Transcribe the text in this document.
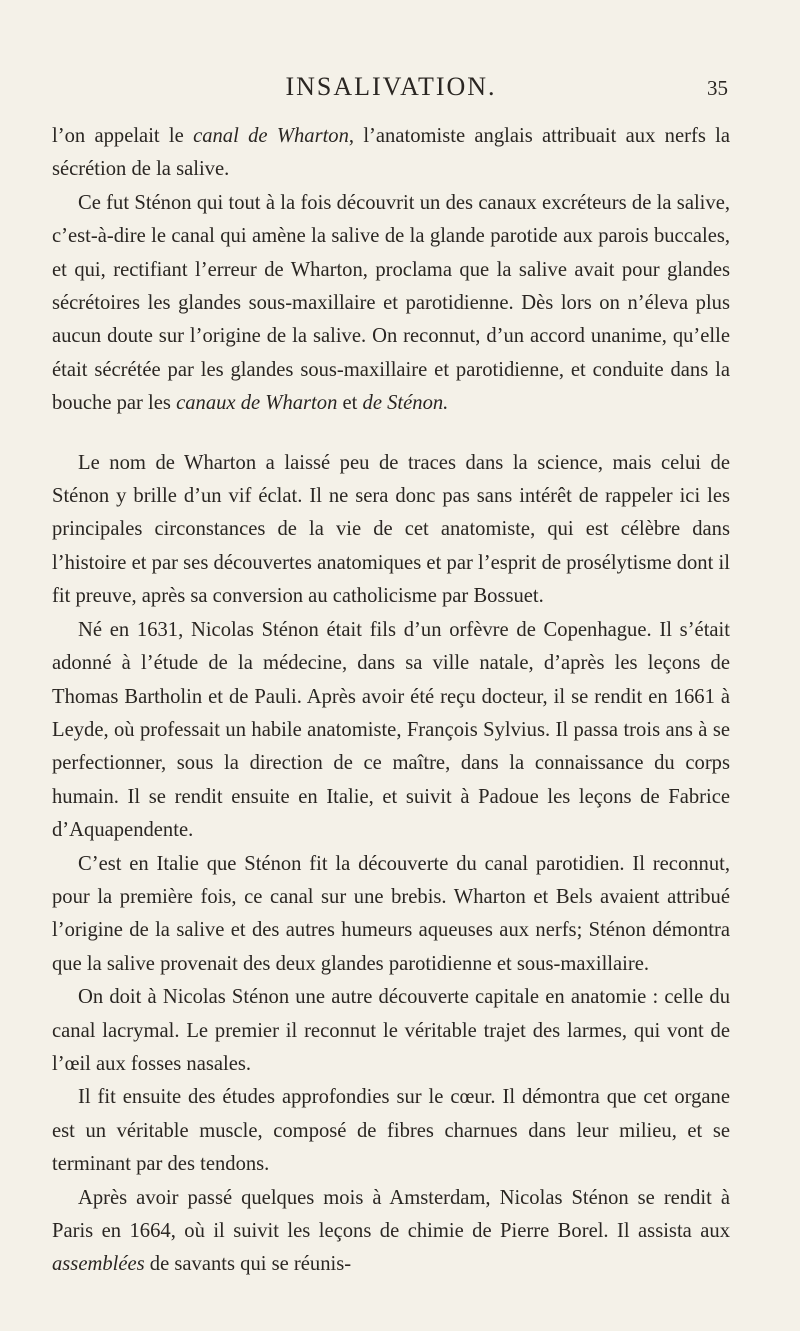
INSALIVATION.	35

l’on appelait le canal de Wharton, l’anatomiste anglais attribuait aux nerfs la sécrétion de la salive.

Ce fut Sténon qui tout à la fois découvrit un des canaux excréteurs de la salive, c’est-à-dire le canal qui amène la salive de la glande parotide aux parois buccales, et qui, rectifiant l’erreur de Wharton, proclama que la salive avait pour glandes sécrétoires les glandes sous-maxillaire et parotidienne. Dès lors on n’éleva plus aucun doute sur l’origine de la salive. On reconnut, d’un accord unanime, qu’elle était sécrétée par les glandes sous-maxillaire et parotidienne, et conduite dans la bouche par les canaux de Wharton et de Sténon.

Le nom de Wharton a laissé peu de traces dans la science, mais celui de Sténon y brille d’un vif éclat. Il ne sera donc pas sans intérêt de rappeler ici les principales circonstances de la vie de cet anatomiste, qui est célèbre dans l’histoire et par ses découvertes anatomiques et par l’esprit de prosélytisme dont il fit preuve, après sa conversion au catholicisme par Bossuet.

Né en 1631, Nicolas Sténon était fils d’un orfèvre de Copenhague. Il s’était adonné à l’étude de la médecine, dans sa ville natale, d’après les leçons de Thomas Bartholin et de Pauli. Après avoir été reçu docteur, il se rendit en 1661 à Leyde, où professait un habile anatomiste, François Sylvius. Il passa trois ans à se perfectionner, sous la direction de ce maître, dans la connaissance du corps humain. Il se rendit ensuite en Italie, et suivit à Padoue les leçons de Fabrice d’Aquapendente.

C’est en Italie que Sténon fit la découverte du canal parotidien. Il reconnut, pour la première fois, ce canal sur une brebis. Wharton et Bels avaient attribué l’origine de la salive et des autres humeurs aqueuses aux nerfs; Sténon démontra que la salive provenait des deux glandes parotidienne et sous-maxillaire.

On doit à Nicolas Sténon une autre découverte capitale en anatomie : celle du canal lacrymal. Le premier il reconnut le véritable trajet des larmes, qui vont de l’œil aux fosses nasales.

Il fit ensuite des études approfondies sur le cœur. Il démontra que cet organe est un véritable muscle, composé de fibres charnues dans leur milieu, et se terminant par des tendons.

Après avoir passé quelques mois à Amsterdam, Nicolas Sténon se rendit à Paris en 1664, où il suivit les leçons de chimie de Pierre Borel. Il assista aux assemblées de savants qui se réunis-
